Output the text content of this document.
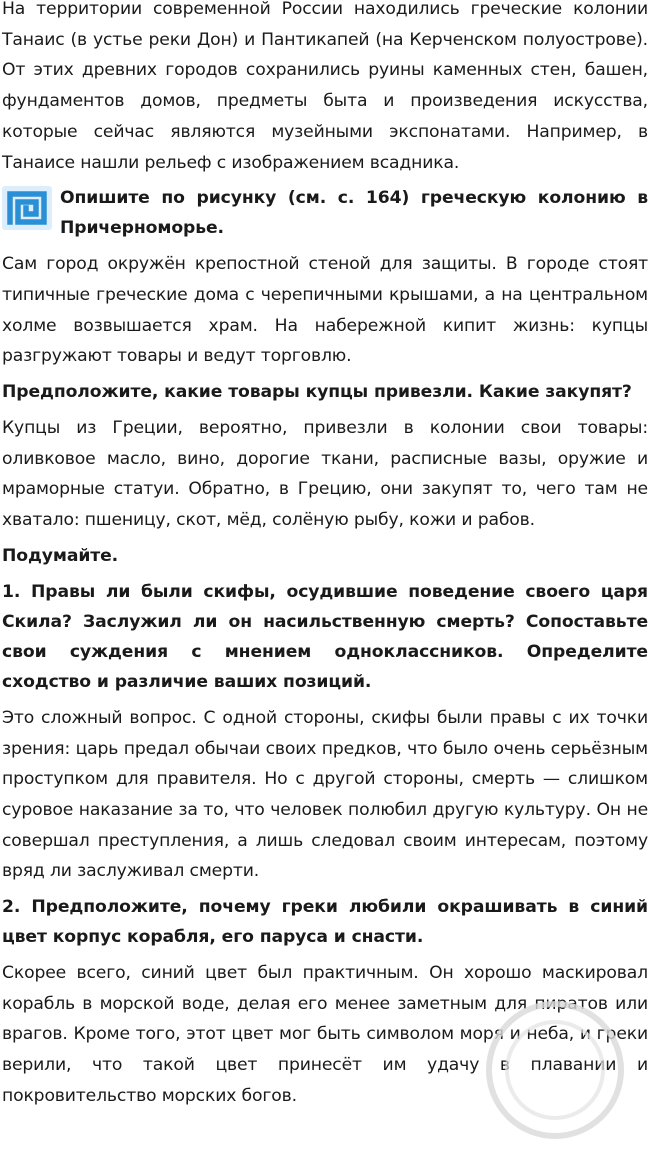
На территории современной России находились греческие колонии Танаис (в устье реки Дон) и Пантикапей (на Керченском полуострове). От этих древних городов сохранились руины каменных стен, башен, фундаментов домов, предметы быта и произведения искусства, которые сейчас являются музейными экспонатами. Например, в Танаисе нашли рельеф с изображением всадника.

Опишите по рисунку (см. с. 164) греческую колонию в Причерноморье.

Сам город окружён крепостной стеной для защиты. В городе стоят типичные греческие дома с черепичными крышами, а на центральном холме возвышается храм. На набережной кипит жизнь: купцы разгружают товары и ведут торговлю.

Предположите, какие товары купцы привезли. Какие закупят?

Купцы из Греции, вероятно, привезли в колонии свои товары: оливковое масло, вино, дорогие ткани, расписные вазы, оружие и мраморные статуи. Обратно, в Грецию, они закупят то, чего там не хватало: пшеницу, скот, мёд, солёную рыбу, кожи и рабов.

Подумайте.

1. Правы ли были скифы, осудившие поведение своего царя Скила? Заслужил ли он насильственную смерть? Сопоставьте свои суждения с мнением одноклассников. Определите сходство и различие ваших позиций.

Это сложный вопрос. С одной стороны, скифы были правы с их точки зрения: царь предал обычаи своих предков, что было очень серьёзным проступком для правителя. Но с другой стороны, смерть — слишком суровое наказание за то, что человек полюбил другую культуру. Он не совершал преступления, а лишь следовал своим интересам, поэтому вряд ли заслуживал смерти.

2. Предположите, почему греки любили окрашивать в синий цвет корпус корабля, его паруса и снасти.

Скорее всего, синий цвет был практичным. Он хорошо маскировал корабль в морской воде, делая его менее заметным для пиратов или врагов. Кроме того, этот цвет мог быть символом моря и неба, и греки верили, что такой цвет принесёт им удачу в плавании и покровительство морских богов.
